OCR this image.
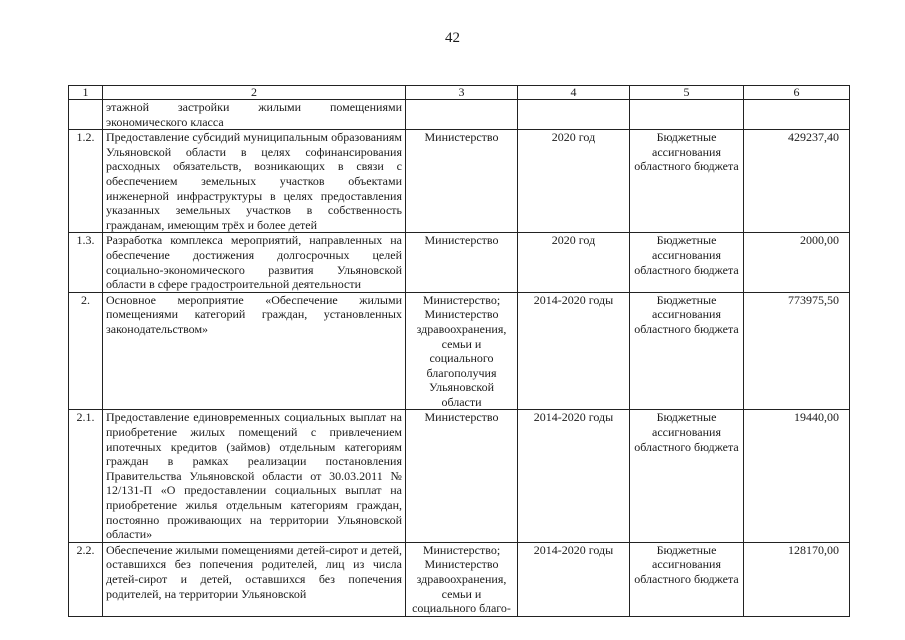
42
1	2	3	4	5	6
	этажной застройки жилыми помещениями экономического класса				
1.2.	Предоставление субсидий муниципальным образованиям Ульяновской области в целях софинансирования расходных обязательств, возникающих в связи с обеспечением земельных участков объектами инженерной инфраструктуры в целях предоставления указанных земельных участков в собственность гражданам, имеющим трёх и более детей	Министерство	2020 год	Бюджетные ассигнования областного бюджета	429237,40
1.3.	Разработка комплекса мероприятий, направленных на обеспечение достижения долгосрочных целей социально-экономического развития Ульяновской области в сфере градостроительной деятельности	Министерство	2020 год	Бюджетные ассигнования областного бюджета	2000,00
2.	Основное мероприятие «Обеспечение жилыми помещениями категорий граждан, установленных законодательством»	Министерство; Министерство здравоохранения, семьи и социального благополучия Ульяновской области	2014-2020 годы	Бюджетные ассигнования областного бюджета	773975,50
2.1.	Предоставление единовременных социальных выплат на приобретение жилых помещений с привлечением ипотечных кредитов (займов) отдельным категориям граждан в рамках реализации постановления Правительства Ульяновской области от 30.03.2011 № 12/131-П «О предоставлении социальных выплат на приобретение жилья отдельным категориям граждан, постоянно проживающих на территории Ульяновской области»	Министерство	2014-2020 годы	Бюджетные ассигнования областного бюджета	19440,00
2.2.	Обеспечение жилыми помещениями детей-сирот и детей, оставшихся без попечения родителей, лиц из числа детей-сирот и детей, оставшихся без попечения родителей, на территории Ульяновской	Министерство; Министерство здравоохранения, семьи и социального благо-	2014-2020 годы	Бюджетные ассигнования областного бюджета	128170,00
